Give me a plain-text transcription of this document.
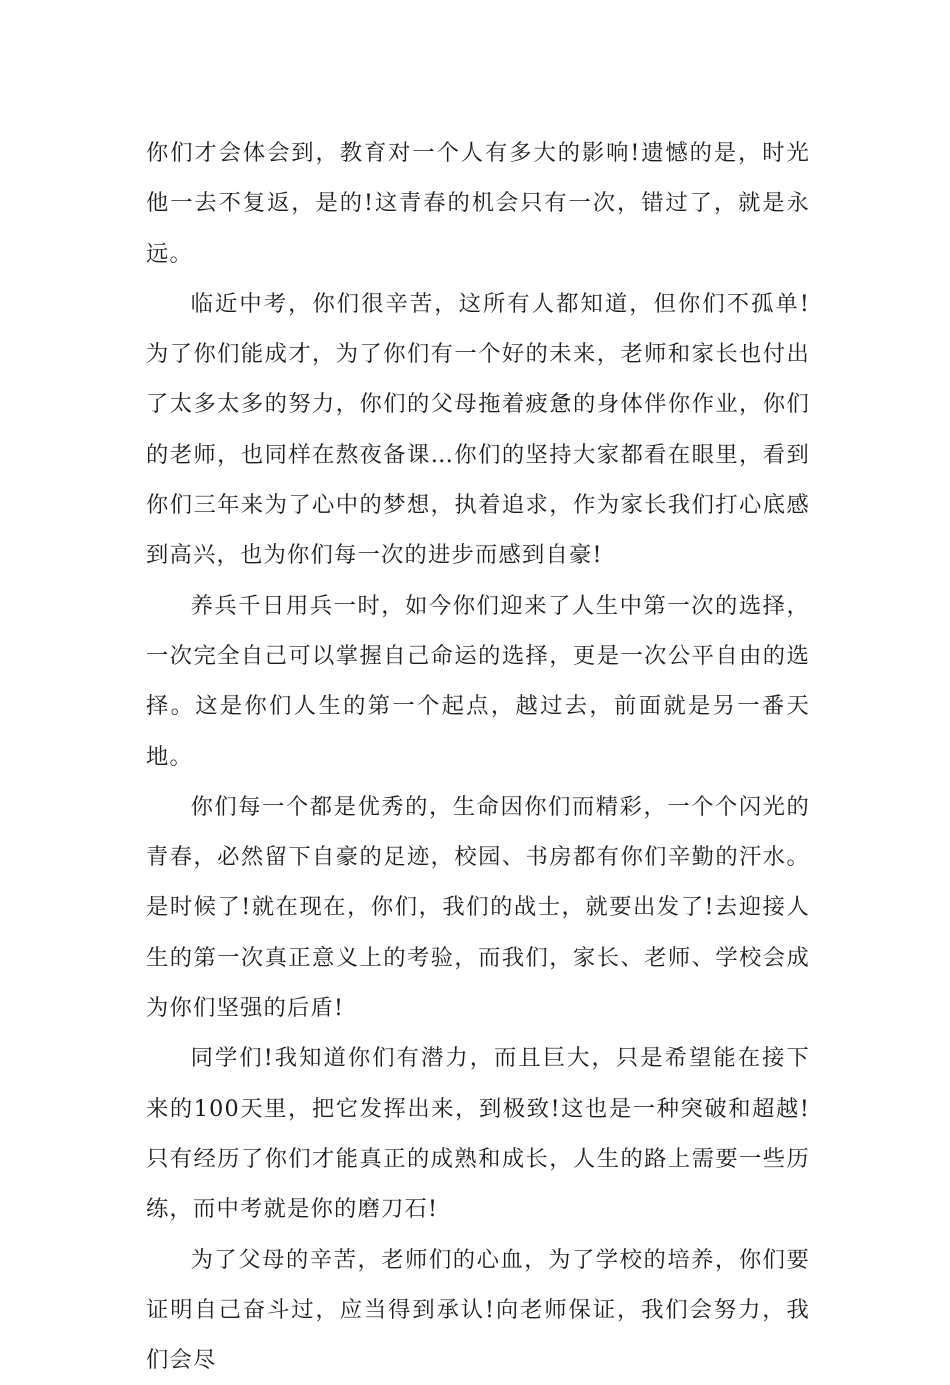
你们才会体会到，教育对一个人有多大的影响!遗憾的是，时光他一去不复返，是的!这青春的机会只有一次，错过了，就是永远。

临近中考，你们很辛苦，这所有人都知道，但你们不孤单!为了你们能成才，为了你们有一个好的未来，老师和家长也付出了太多太多的努力，你们的父母拖着疲惫的身体伴你作业，你们的老师，也同样在熬夜备课…你们的坚持大家都看在眼里，看到你们三年来为了心中的梦想，执着追求，作为家长我们打心底感到高兴，也为你们每一次的进步而感到自豪!

养兵千日用兵一时，如今你们迎来了人生中第一次的选择，一次完全自己可以掌握自己命运的选择，更是一次公平自由的选择。这是你们人生的第一个起点，越过去，前面就是另一番天地。

你们每一个都是优秀的，生命因你们而精彩，一个个闪光的青春，必然留下自豪的足迹，校园、书房都有你们辛勤的汗水。是时候了!就在现在，你们，我们的战士，就要出发了!去迎接人生的第一次真正意义上的考验，而我们，家长、老师、学校会成为你们坚强的后盾!

同学们!我知道你们有潜力，而且巨大，只是希望能在接下来的100天里，把它发挥出来，到极致!这也是一种突破和超越!只有经历了你们才能真正的成熟和成长，人生的路上需要一些历练，而中考就是你的磨刀石!

为了父母的辛苦，老师们的心血，为了学校的培养，你们要证明自己奋斗过，应当得到承认!向老师保证，我们会努力，我们会尽
